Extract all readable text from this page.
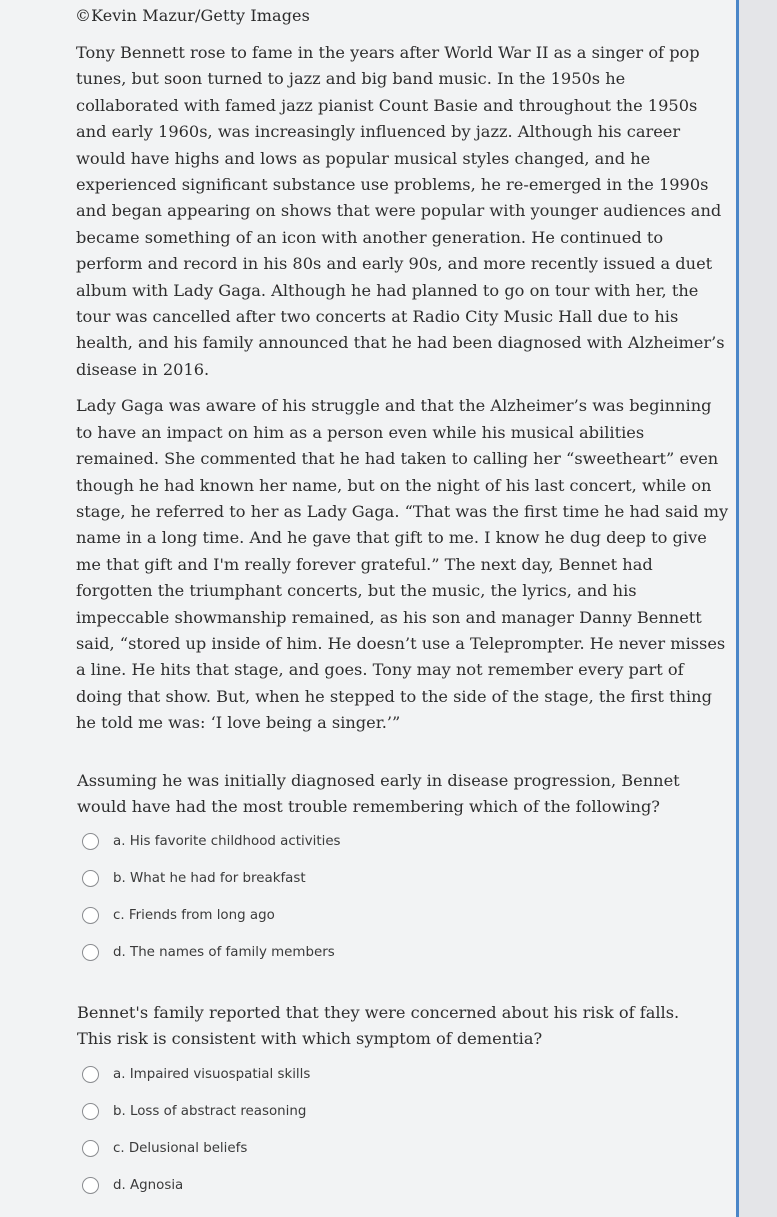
©Kevin Mazur/Getty Images

Tony Bennett rose to fame in the years after World War II as a singer of pop tunes, but soon turned to jazz and big band music. In the 1950s he collaborated with famed jazz pianist Count Basie and throughout the 1950s and early 1960s, was increasingly influenced by jazz. Although his career would have highs and lows as popular musical styles changed, and he experienced significant substance use problems, he re-emerged in the 1990s and began appearing on shows that were popular with younger audiences and became something of an icon with another generation. He continued to perform and record in his 80s and early 90s, and more recently issued a duet album with Lady Gaga. Although he had planned to go on tour with her, the tour was cancelled after two concerts at Radio City Music Hall due to his health, and his family announced that he had been diagnosed with Alzheimer’s disease in 2016.

Lady Gaga was aware of his struggle and that the Alzheimer’s was beginning to have an impact on him as a person even while his musical abilities remained. She commented that he had taken to calling her “sweetheart” even though he had known her name, but on the night of his last concert, while on stage, he referred to her as Lady Gaga. “That was the first time he had said my name in a long time. And he gave that gift to me. I know he dug deep to give me that gift and I'm really forever grateful.” The next day, Bennet had forgotten the triumphant concerts, but the music, the lyrics, and his impeccable showmanship remained, as his son and manager Danny Bennett said, “stored up inside of him. He doesn’t use a Teleprompter. He never misses a line. He hits that stage, and goes. Tony may not remember every part of doing that show. But, when he stepped to the side of the stage, the first thing he told me was: ‘I love being a singer.’”

Assuming he was initially diagnosed early in disease progression, Bennet would have had the most trouble remembering which of the following?

a. His favorite childhood activities
b. What he had for breakfast
c. Friends from long ago
d. The names of family members

Bennet's family reported that they were concerned about his risk of falls. This risk is consistent with which symptom of dementia?

a. Impaired visuospatial skills
b. Loss of abstract reasoning
c. Delusional beliefs
d. Agnosia
